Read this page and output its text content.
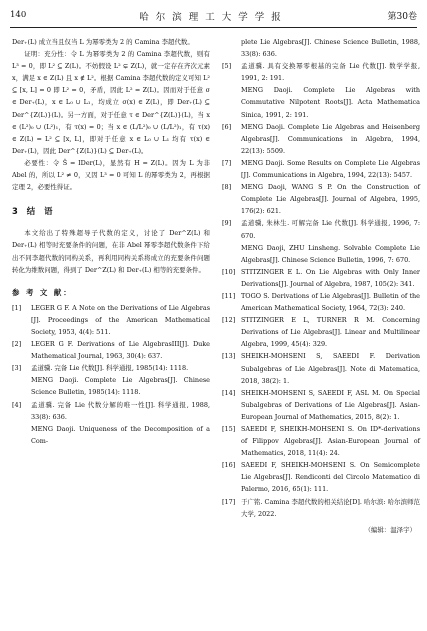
140	哈尔滨理工大学学报	第30卷
Der₊(L) 成立当且仅当 L 为幂零类为 2 的 Camina 李超代数。
证明：充分性：令 L 为幂零类为 2 的 Camina 李超代数，则有 L³ = 0，即 L² ⊆ Z(L)。不妨假设 L² ⊊ Z(L)，就一定存在齐次元素 x，满足 x ∈ Z(L) 且 x ∉ L²。根据 Camina 李超代数的定义可知 L² ⊆ [x, L] = 0 即 L² = 0，矛盾，因此 L² = Z(L)。因而对于任意 σ ∈ Der₊(L)，x ∈ L₀ ∪ L₁，均成立 σ(x) ∈ Z(L)，即 Der₊(L) ⊆ Der^{Z(L)}(L)。另一方面，对于任意 τ ∈ Der^{Z(L)}(L)，当 x ∈ (L²)₀ ∪ (L²)₁，有 τ(x) = 0；当 x ∈ (L/L²)₀ ∪ (L/L²)₁，有 τ(x) ∈ Z(L) = L² ⊆ [x, L]，即对于任意 x ∈ L₀ ∪ L₁ 均有 τ(x) ∈ Der₊(L)，因此 Der^{Z(L)}(L) ⊆ Der₊(L)。
必要性：令 Ŝ = IDer(L)，显然有 H = Z(L)。因为 L 为非 Abel 的，所以 L² ≠ 0，又因 L³ = 0 可知 L 的幂零类为 2，再根据定理 2，必要性得证。
3　结　语
本文给出了特殊超导子代数的定义，讨论了 Der^Z(L) 和 Der₊(L) 相等时充要条件的问题，在非 Abel 幂零李超代数条件下给出不同李超代数的同构关系，再利用同构关系将成立的充要条件问题转化为维数问题，得到了 Der^Z(L) 和 Der₊(L) 相等的充要条件。
参 考 文 献：
[1]	LEGER G F. A Note on the Derivations of Lie Algebras [J]. Proceedings of the American Mathematical Society, 1953, 4(4): 511.
[2]	LEGER G F. Derivations of Lie AlgebrasIII[J]. Duke Mathematical Journal, 1963, 30(4): 637.
[3]	孟道骥. 完备 Lie 代数[J]. 科学通报, 1985(14): 1118.
MENG Daoji. Complete Lie Algebras[J]. Chinese Science Bulletin, 1985(14): 1118.
[4]	孟道骥. 完备 Lie 代数分解的唯一性[J]. 科学通报, 1988, 33(8): 636.
MENG Daoji. Uniqueness of the Decomposition of a Com-
plete Lie Algebras[J]. Chinese Science Bulletin, 1988, 33(8): 636.
[5]	孟道骥. 具有交换幂零根基的完备 Lie 代数[J]. 数学学报, 1991, 2: 191.
MENG Daoji. Complete Lie Algebras with Commutative Nilpotent Roots[J]. Acta Mathematica Sinica, 1991, 2: 191.
[6]	MENG Daoji. Complete Lie Algebras and Heisenberg Algebras[J]. Communications in Algebra, 1994, 22(13): 5509.
[7]	MENG Daoji. Some Results on Complete Lie Algebras [J]. Communications in Algebra, 1994, 22(13): 5457.
[8]	MENG Daoji, WANG S P. On the Construction of Complete Lie Algebras[J]. Journal of Algebra, 1995, 176(2): 621.
[9]	孟道骥, 朱林生. 可解完备 Lie 代数[J]. 科学通报, 1996, 7: 670.
MENG Daoji, ZHU Linsheng. Solvable Complete Lie Algebras[J]. Chinese Science Bulletin, 1996, 7: 670.
[10] STITZINGER E L. On Lie Algebras with Only Inner Derivations[J]. Journal of Algebra, 1987, 105(2): 341.
[11] TOGO S. Derivations of Lie Algebras[J]. Bulletin of the American Mathematical Society, 1964, 72(3): 240.
[12] STITZINGER E L, TURNER R M. Concerning Derivations of Lie Algebras[J]. Linear and Multilinear Algebra, 1999, 45(4): 329.
[13] SHEIKH-MOHSENI S, SAEEDI F. Derivation Subalgebras of Lie Algebras[J]. Note di Matematica, 2018, 38(2): 1.
[14] SHEIKH-MOHSENI S, SAEEDI F, ASL M. On Special Subalgebras of Derivations of Lie Algebras[J]. Asian-European Journal of Mathematics, 2015, 8(2): 1.
[15] SAEEDI F, SHEIKH-MOHSENI S. On ID*-derivations of Filippov Algebras[J]. Asian-European Journal of Mathematics, 2018, 11(4): 24.
[16] SAEEDI F, SHEIKH-MOHSENI S. On Semicomplete Lie Algebras[J]. Rendiconti del Circolo Matematico di Palermo, 2016, 65(1): 111.
[17] 于广铭. Camina 李超代数的相关结论[D]. 哈尔滨: 哈尔滨师范大学, 2022.
（编辑：温泽宇）
